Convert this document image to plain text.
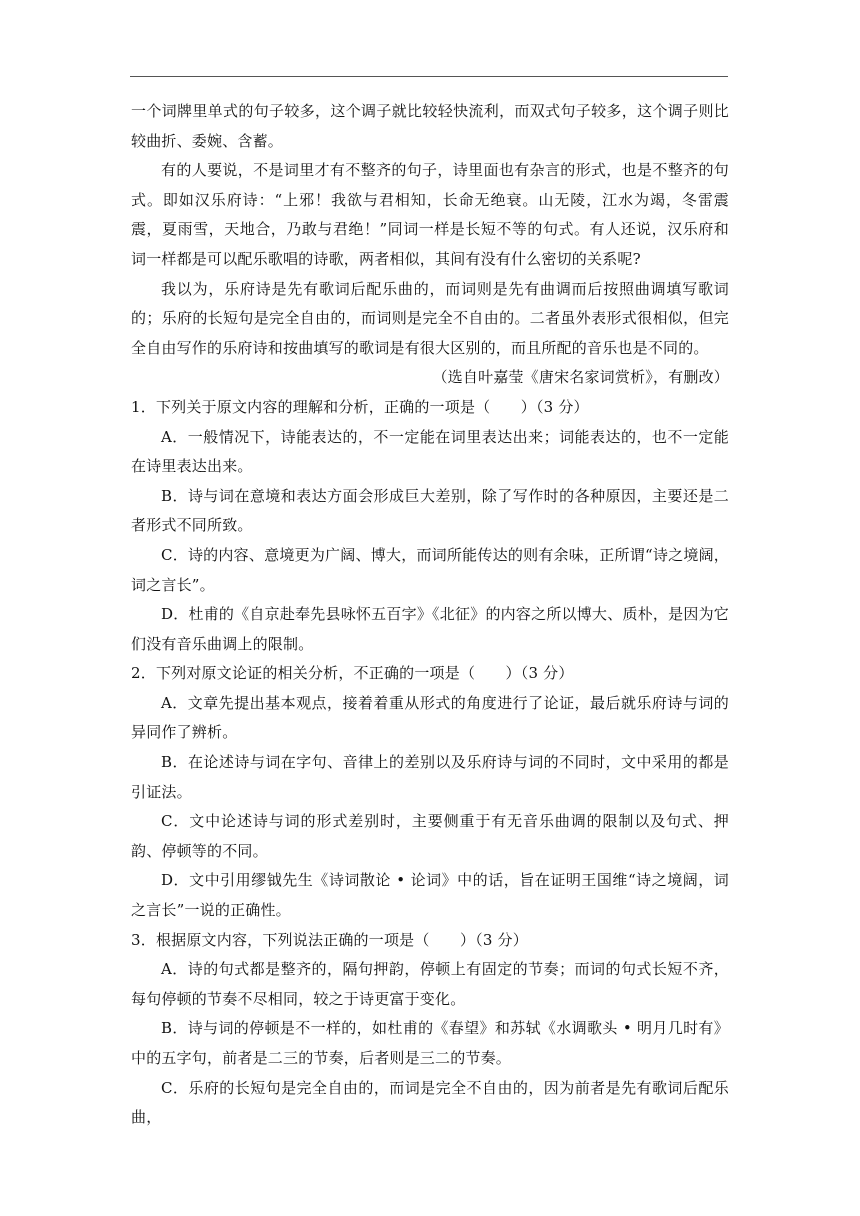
一个词牌里单式的句子较多，这个调子就比较轻快流利，而双式句子较多，这个调子则比较曲折、委婉、含蓄。

有的人要说，不是词里才有不整齐的句子，诗里面也有杂言的形式，也是不整齐的句式。即如汉乐府诗：“上邪！我欲与君相知，长命无绝衰。山无陵，江水为竭，冬雷震震，夏雨雪，天地合，乃敢与君绝！”同词一样是长短不等的句式。有人还说，汉乐府和词一样都是可以配乐歌唱的诗歌，两者相似，其间有没有什么密切的关系呢?

我以为，乐府诗是先有歌词后配乐曲的，而词则是先有曲调而后按照曲调填写歌词的；乐府的长短句是完全自由的，而词则是完全不自由的。二者虽外表形式很相似，但完全自由写作的乐府诗和按曲填写的歌词是有很大区别的，而且所配的音乐也是不同的。

（选自叶嘉莹《唐宋名家词赏析》，有删改）

1．下列关于原文内容的理解和分析，正确的一项是（　　）（3 分）

A．一般情况下，诗能表达的，不一定能在词里表达出来；词能表达的，也不一定能在诗里表达出来。

B．诗与词在意境和表达方面会形成巨大差别，除了写作时的各种原因，主要还是二者形式不同所致。

C．诗的内容、意境更为广阔、博大，而词所能传达的则有余味，正所谓“诗之境阔，词之言长”。

D．杜甫的《自京赴奉先县咏怀五百字》《北征》的内容之所以博大、质朴，是因为它们没有音乐曲调上的限制。

2．下列对原文论证的相关分析，不正确的一项是（　　）（3 分）

A．文章先提出基本观点，接着着重从形式的角度进行了论证，最后就乐府诗与词的异同作了辨析。

B．在论述诗与词在字句、音律上的差别以及乐府诗与词的不同时，文中采用的都是引证法。

C．文中论述诗与词的形式差别时，主要侧重于有无音乐曲调的限制以及句式、押韵、停顿等的不同。

D．文中引用缪钺先生《诗词散论 • 论词》中的话，旨在证明王国维“诗之境阔，词之言长”一说的正确性。

3．根据原文内容，下列说法正确的一项是（　　）（3 分）

A．诗的句式都是整齐的，隔句押韵，停顿上有固定的节奏；而词的句式长短不齐，每句停顿的节奏不尽相同，较之于诗更富于变化。

B．诗与词的停顿是不一样的，如杜甫的《春望》和苏轼《水调歌头 • 明月几时有》中的五字句，前者是二三的节奏，后者则是三二的节奏。

C．乐府的长短句是完全自由的，而词是完全不自由的，因为前者是先有歌词后配乐曲，
